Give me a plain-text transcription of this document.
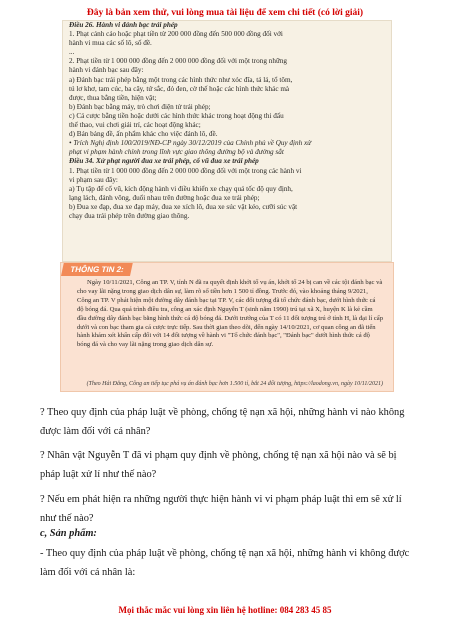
Đây là bản xem thử, vui lòng mua tài liệu để xem chi tiết (có lời giải)
Điều 26. Hành vi đánh bạc trái phép
1. Phạt cảnh cáo hoặc phạt tiền từ 200 000 đồng đến 500 000 đồng đối với
hành vi mua các số lô, số đề.
...
2. Phạt tiền từ 1 000 000 đồng đến 2 000 000 đồng đối với một trong những
hành vi đánh bạc sau đây:
a) Đánh bạc trái phép bằng một trong các hình thức như xóc đĩa, tá lả, tổ tôm,
tú lơ khơ, tam cúc, ba cây, tứ sắc, đỏ đen, cờ thế hoặc các hình thức khác mà
được, thua bằng tiền, hiện vật;
b) Đánh bạc bằng máy, trò chơi điện tử trái phép;
c) Cá cược bằng tiền hoặc dưới các hình thức khác trong hoạt động thi đấu
thể thao, vui chơi giải trí, các hoạt động khác;
d) Bán bảng đề, ấn phẩm khác cho việc đánh lô, đề.
• Trích Nghị định 100/2019/NĐ-CP ngày 30/12/2019 của Chính phủ về Quy định xử
phạt vi phạm hành chính trong lĩnh vực giao thông đường bộ và đường sắt
Điều 34. Xử phạt người đua xe trái phép, cổ vũ đua xe trái phép
1. Phạt tiền từ 1 000 000 đồng đến 2 000 000 đồng đối với một trong các hành vi
vi phạm sau đây:
a) Tụ tập để cổ vũ, kích động hành vi điều khiển xe chạy quá tốc độ quy định,
lạng lách, đánh võng, đuổi nhau trên đường hoặc đua xe trái phép;
b) Đua xe đạp, đua xe đạp máy, đua xe xích lô, đua xe súc vật kéo, cưỡi súc vật
chạy đua trái phép trên đường giao thông.
THÔNG TIN 2:

Ngày 10/11/2021, Công an TP. V, tỉnh N đã ra quyết định khởi tố vụ án, khởi tố 24 bị can về các tội đánh bạc và cho vay lãi nặng trong giao dịch dân sự, làm rõ số tiền hơn 1 500 tỉ đồng. Trước đó, vào khoảng tháng 9/2021, Công an TP. V phát hiện một đường dây đánh bạc tại TP. V, các đối tượng đã tổ chức đánh bạc, dưới hình thức cá độ bóng đá. Qua quá trình điều tra, công an xác định Nguyễn T (sinh năm 1990) trú tại xã X, huyện K là kẻ cầm đầu đường dây đánh bạc bằng hình thức cá độ bóng đá. Dưới trướng của T có 11 đối tượng trú ở tỉnh H, là đại lí cấp dưới và con bạc tham gia cá cược trực tiếp. Sau thời gian theo dõi, đến ngày 14/10/2021, cơ quan công an đã tiến hành khám xét khẩn cấp đối với 14 đối tượng về hành vi "Tổ chức đánh bạc", "Đánh bạc" dưới hình thức cá độ bóng đá và cho vay lãi nặng trong giao dịch dân sự.

(Theo Hải Đăng, Công an tiếp tục phá vụ án đánh bạc hơn 1.500 tỉ, bắt 24 đối tượng, https://laodong.vn, ngày 10/11/2021)
? Theo quy định của pháp luật về phòng, chống tệ nạn xã hội, những hành vi nào không được làm đối với cá nhân?
? Nhân vật Nguyễn T đã vi phạm quy định về phòng, chống tệ nạn xã hội nào và sẽ bị pháp luật xử lí như thế nào?
? Nếu em phát hiện ra những người thực hiện hành vi vi phạm pháp luật thì em sẽ xử lí như thế nào?
c, Sản phẩm:
- Theo quy định của pháp luật về phòng, chống tệ nạn xã hội, những hành vi không được làm đối với cá nhân là:
Mọi thắc mắc vui lòng xin liên hệ hotline: 084 283 45 85
